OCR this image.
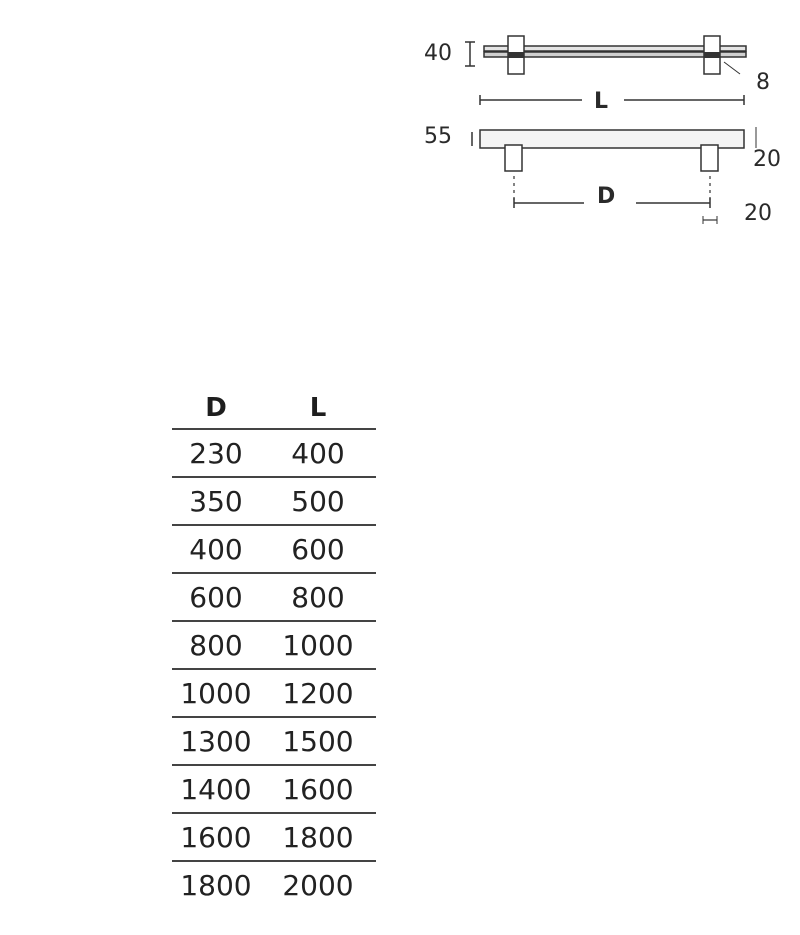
40
8
L
55
20
D
20
D	L
230	400
350	500
400	600
600	800
800	1000
1000	1200
1300	1500
1400	1600
1600	1800
1800	2000
